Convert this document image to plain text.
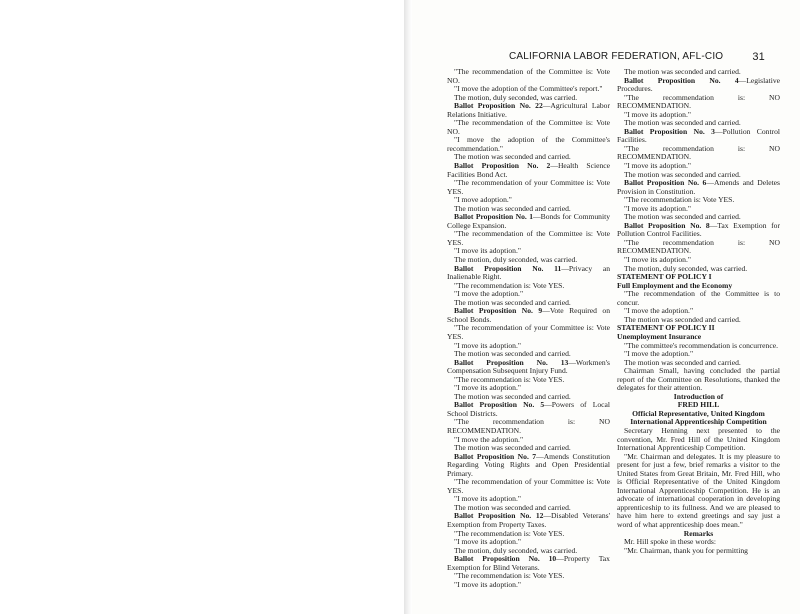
CALIFORNIA LABOR FEDERATION, AFL-CIO	31

"The recommendation of the Committee is: Vote NO.

"I move the adoption of the Committee's report."

The motion, duly seconded, was carried.

Ballot Proposition No. 22—Agricultural Labor Relations Initiative.

"The recommendation of the Committee is: Vote NO.

"I move the adoption of the Committee's recommendation."

The motion was seconded and carried.

Ballot Proposition No. 2—Health Science Facilities Bond Act.

"The recommendation of your Committee is: Vote YES.

"I move adoption."

The motion was seconded and carried.

Ballot Proposition No. 1—Bonds for Community College Expansion.

"The recommendation of the Committee is: Vote YES.

"I move its adoption."

The motion, duly seconded, was carried.

Ballot Proposition No. 11—Privacy an Inalienable Right.

"The recommendation is: Vote YES.

"I move the adoption."

The motion was seconded and carried.

Ballot Proposition No. 9—Vote Required on School Bonds.

"The recommendation of your Committee is: Vote YES.

"I move its adoption."

The motion was seconded and carried.

Ballot Proposition No. 13—Workmen's Compensation Subsequent Injury Fund.

"The recommendation is: Vote YES.

"I move its adoption."

The motion was seconded and carried.

Ballot Proposition No. 5—Powers of Local School Districts.

"The recommendation is: NO RECOMMENDATION.

"I move the adoption."

The motion was seconded and carried.

Ballot Proposition No. 7—Amends Constitution Regarding Voting Rights and Open Presidential Primary.

"The recommendation of your Committee is: Vote YES.

"I move its adoption."

The motion was seconded and carried.

Ballot Proposition No. 12—Disabled Veterans' Exemption from Property Taxes.

"The recommendation is: Vote YES.

"I move its adoption."

The motion, duly seconded, was carried.

Ballot Proposition No. 10—Property Tax Exemption for Blind Veterans.

"The recommendation is: Vote YES.

"I move its adoption."

The motion was seconded and carried.

Ballot Proposition No. 4—Legislative Procedures.

"The recommendation is: NO RECOMMENDATION.

"I move its adoption."

The motion was seconded and carried.

Ballot Proposition No. 3—Pollution Control Facilities.

"The recommendation is: NO RECOMMENDATION.

"I move its adoption."

The motion was seconded and carried.

Ballot Proposition No. 6—Amends and Deletes Provision in Constitution.

"The recommendation is: Vote YES.

"I move its adoption."

The motion was seconded and carried.

Ballot Proposition No. 8—Tax Exemption for Pollution Control Facilities.

"The recommendation is: NO RECOMMENDATION.

"I move its adoption."

The motion, duly seconded, was carried.

STATEMENT OF POLICY I

Full Employment and the Economy

"The recommendation of the Committee is to concur.

"I move the adoption."

The motion was seconded and carried.

STATEMENT OF POLICY II

Unemployment Insurance

"The committee's recommendation is concurrence.

"I move the adoption."

The motion was seconded and carried.

Chairman Small, having concluded the partial report of the Committee on Resolutions, thanked the delegates for their attention.

Introduction of

FRED HILL

Official Representative, United Kingdom

International Apprenticeship Competition

Secretary Henning next presented to the convention, Mr. Fred Hill of the United Kingdom International Apprenticeship Competition.

"Mr. Chairman and delegates. It is my pleasure to present for just a few, brief remarks a visitor to the United States from Great Britain, Mr. Fred Hill, who is Official Representative of the United Kingdom International Apprenticeship Competition. He is an advocate of international cooperation in developing apprenticeship to its fullness. And we are pleased to have him here to extend greetings and say just a word of what apprenticeship does mean."

Remarks

Mr. Hill spoke in these words:

"Mr. Chairman, thank you for permitting
